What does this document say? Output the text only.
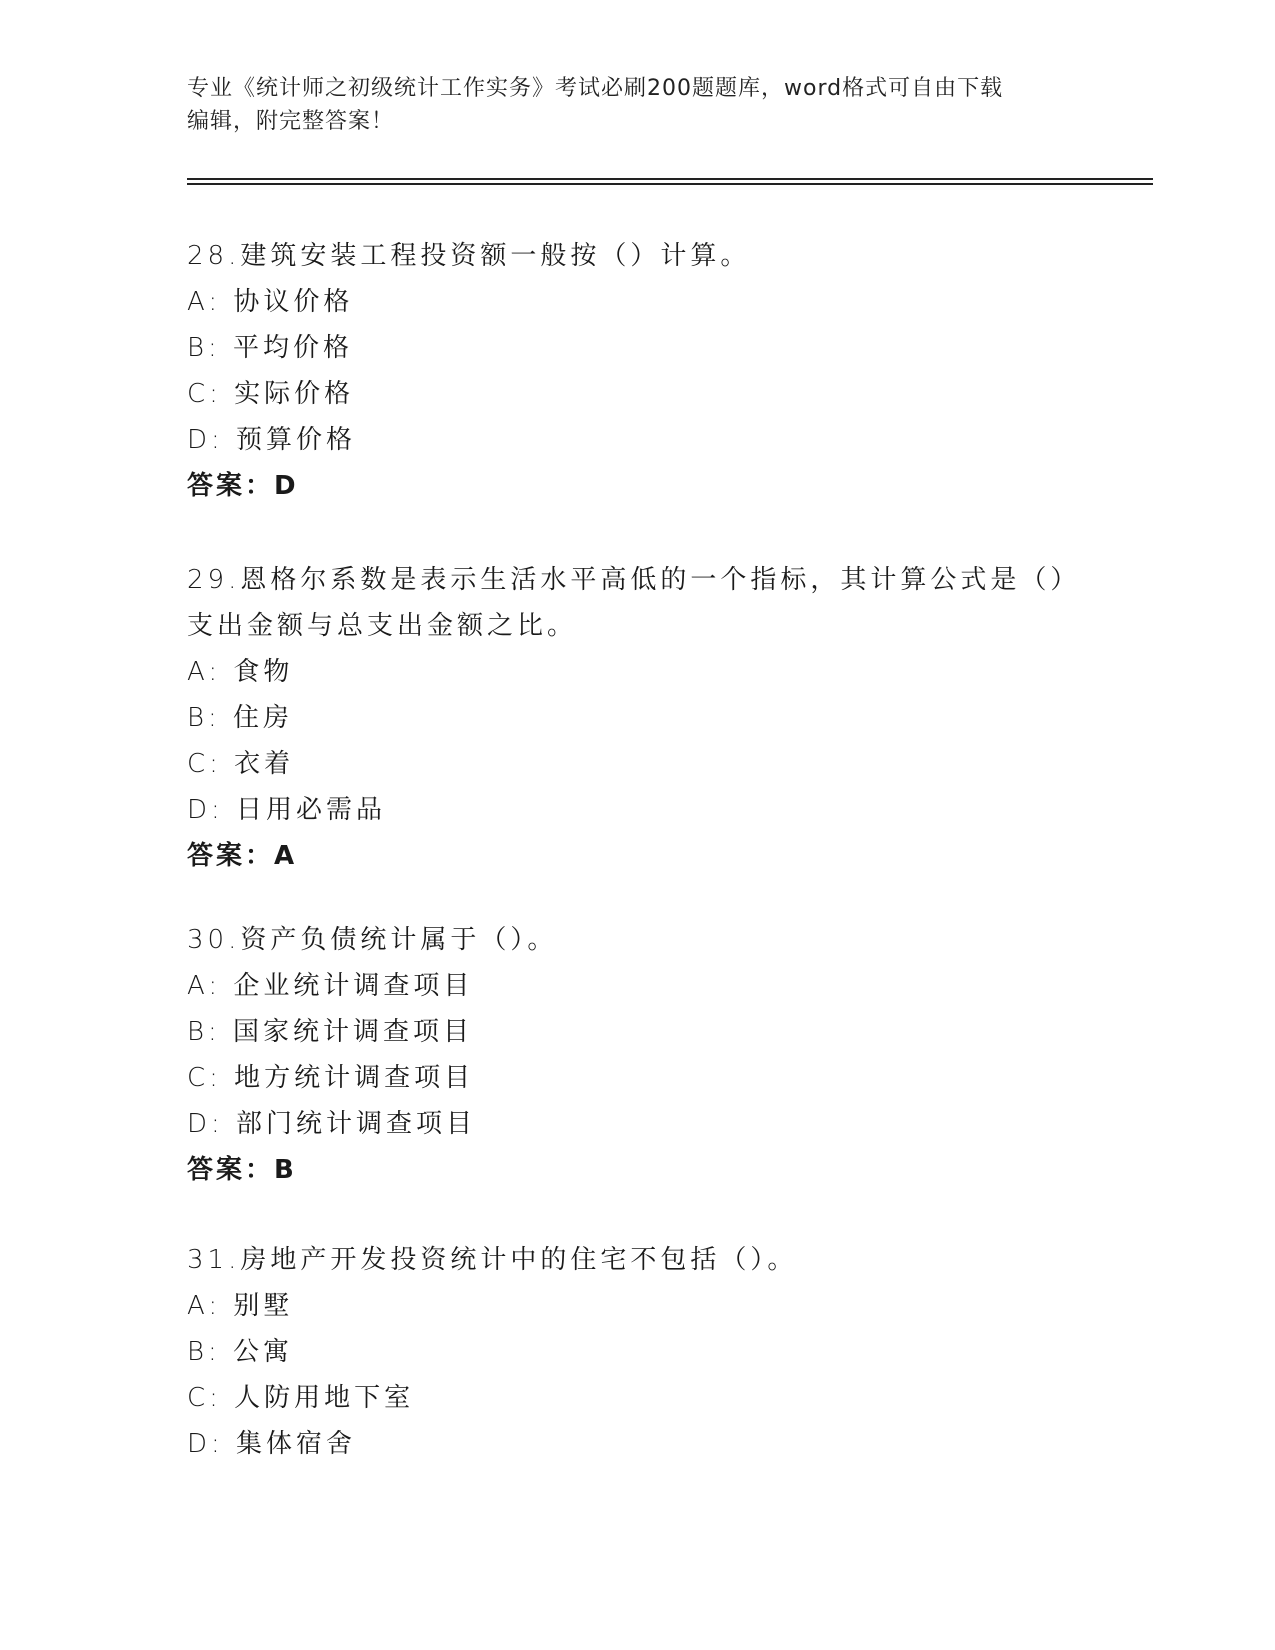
专业《统计师之初级统计工作实务》考试必刷200题题库，word格式可自由下载
编辑，附完整答案！

28.建筑安装工程投资额一般按（）计算。

A: 协议价格

B: 平均价格

C: 实际价格

D: 预算价格

答案：D

29.恩格尔系数是表示生活水平高低的一个指标，其计算公式是（）支出金额与总支出金额之比。

A: 食物

B: 住房

C: 衣着

D: 日用必需品

答案：A

30.资产负债统计属于（）。

A: 企业统计调查项目

B: 国家统计调查项目

C: 地方统计调查项目

D: 部门统计调查项目

答案：B

31.房地产开发投资统计中的住宅不包括（）。

A: 别墅

B: 公寓

C: 人防用地下室

D: 集体宿舍
